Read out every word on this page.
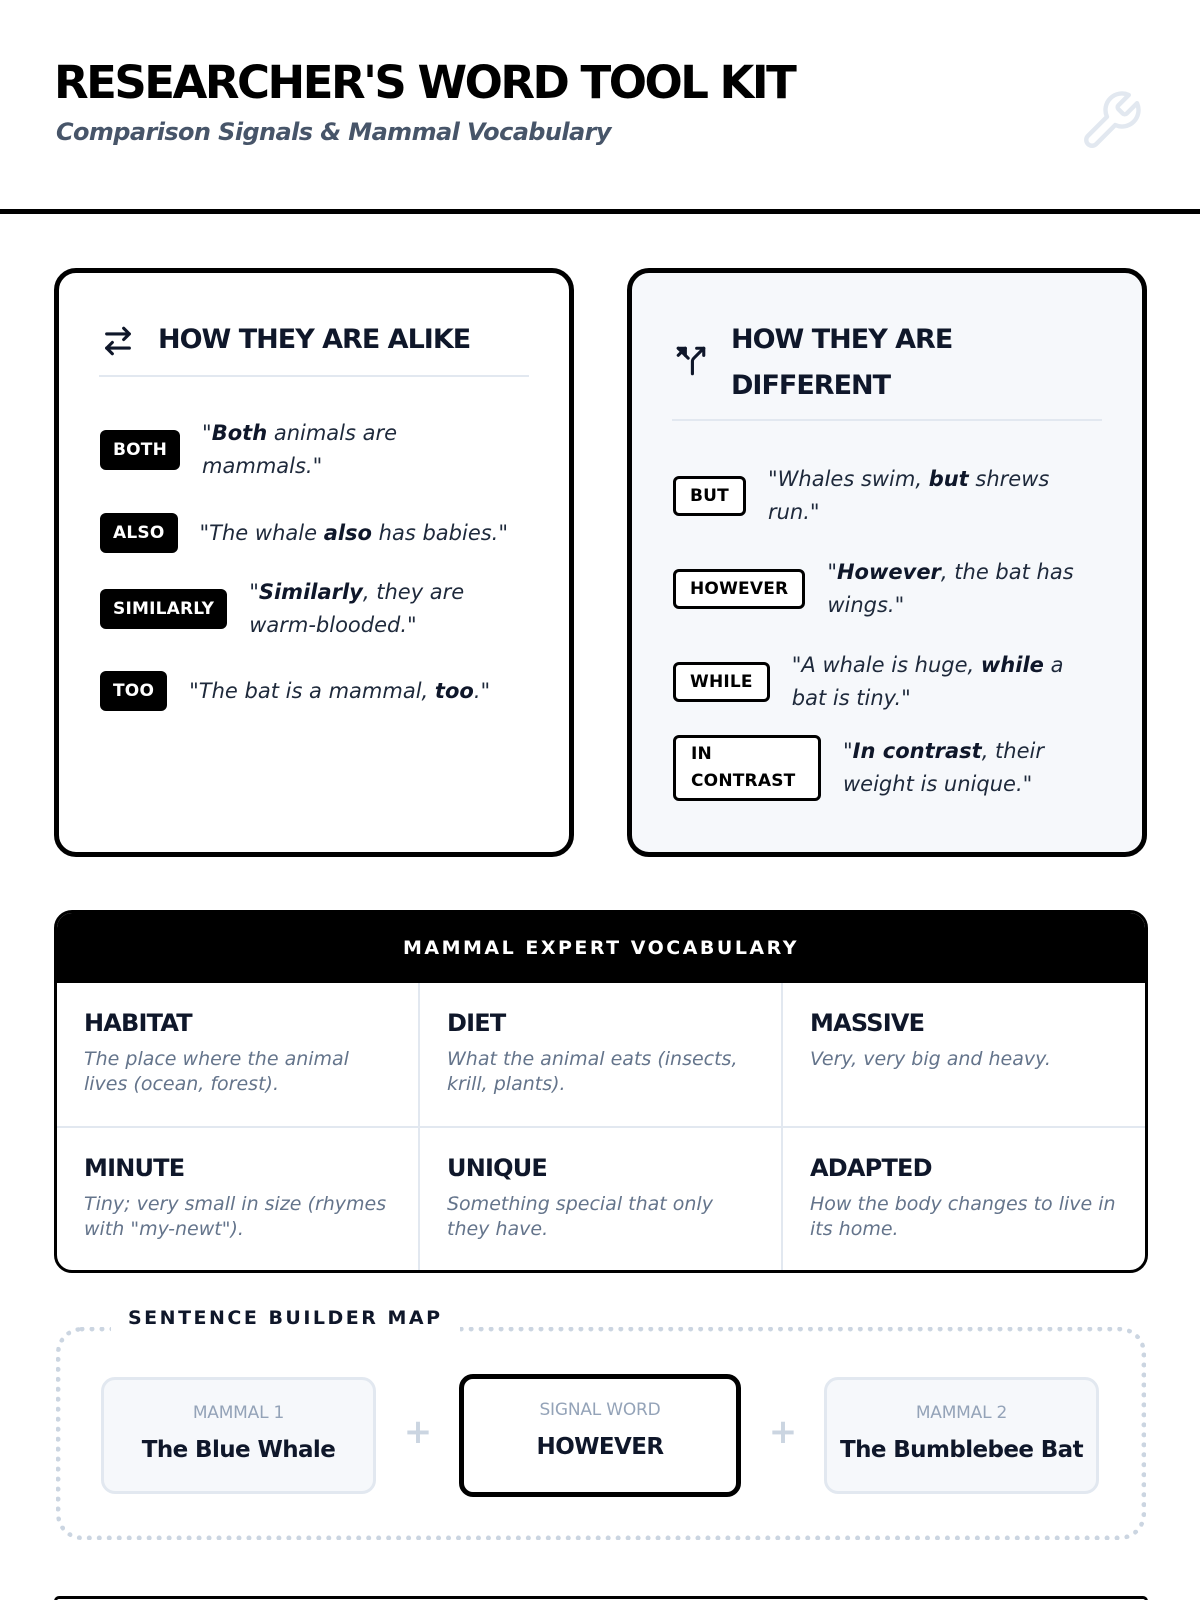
RESEARCHER'S WORD TOOL KIT
Comparison Signals & Mammal Vocabulary
HOW THEY ARE ALIKE
BOTH
"Both animals are mammals."
ALSO	"The whale also has babies."
SIMILARLY
"Similarly, they are warm-blooded."
TOO	"The bat is a mammal, too."
HOW THEY ARE DIFFERENT
BUT
"Whales swim, but shrews run."
HOWEVER
"However, the bat has wings."
WHILE
"A whale is huge, while a bat is tiny."
IN CONTRAST
"In contrast, their weight is unique."
MAMMAL EXPERT VOCABULARY
HABITAT
The place where the animal lives (ocean, forest).
DIET
What the animal eats (insects, krill, plants).
MASSIVE
Very, very big and heavy.
MINUTE
Tiny; very small in size (rhymes with "my-newt").
UNIQUE
Something special that only they have.
ADAPTED
How the body changes to live in its home.
SENTENCE BUILDER MAP
MAMMAL 1
The Blue Whale	+
SIGNAL WORD
HOWEVER	+	MAMMAL 2
The Bumblebee Bat
